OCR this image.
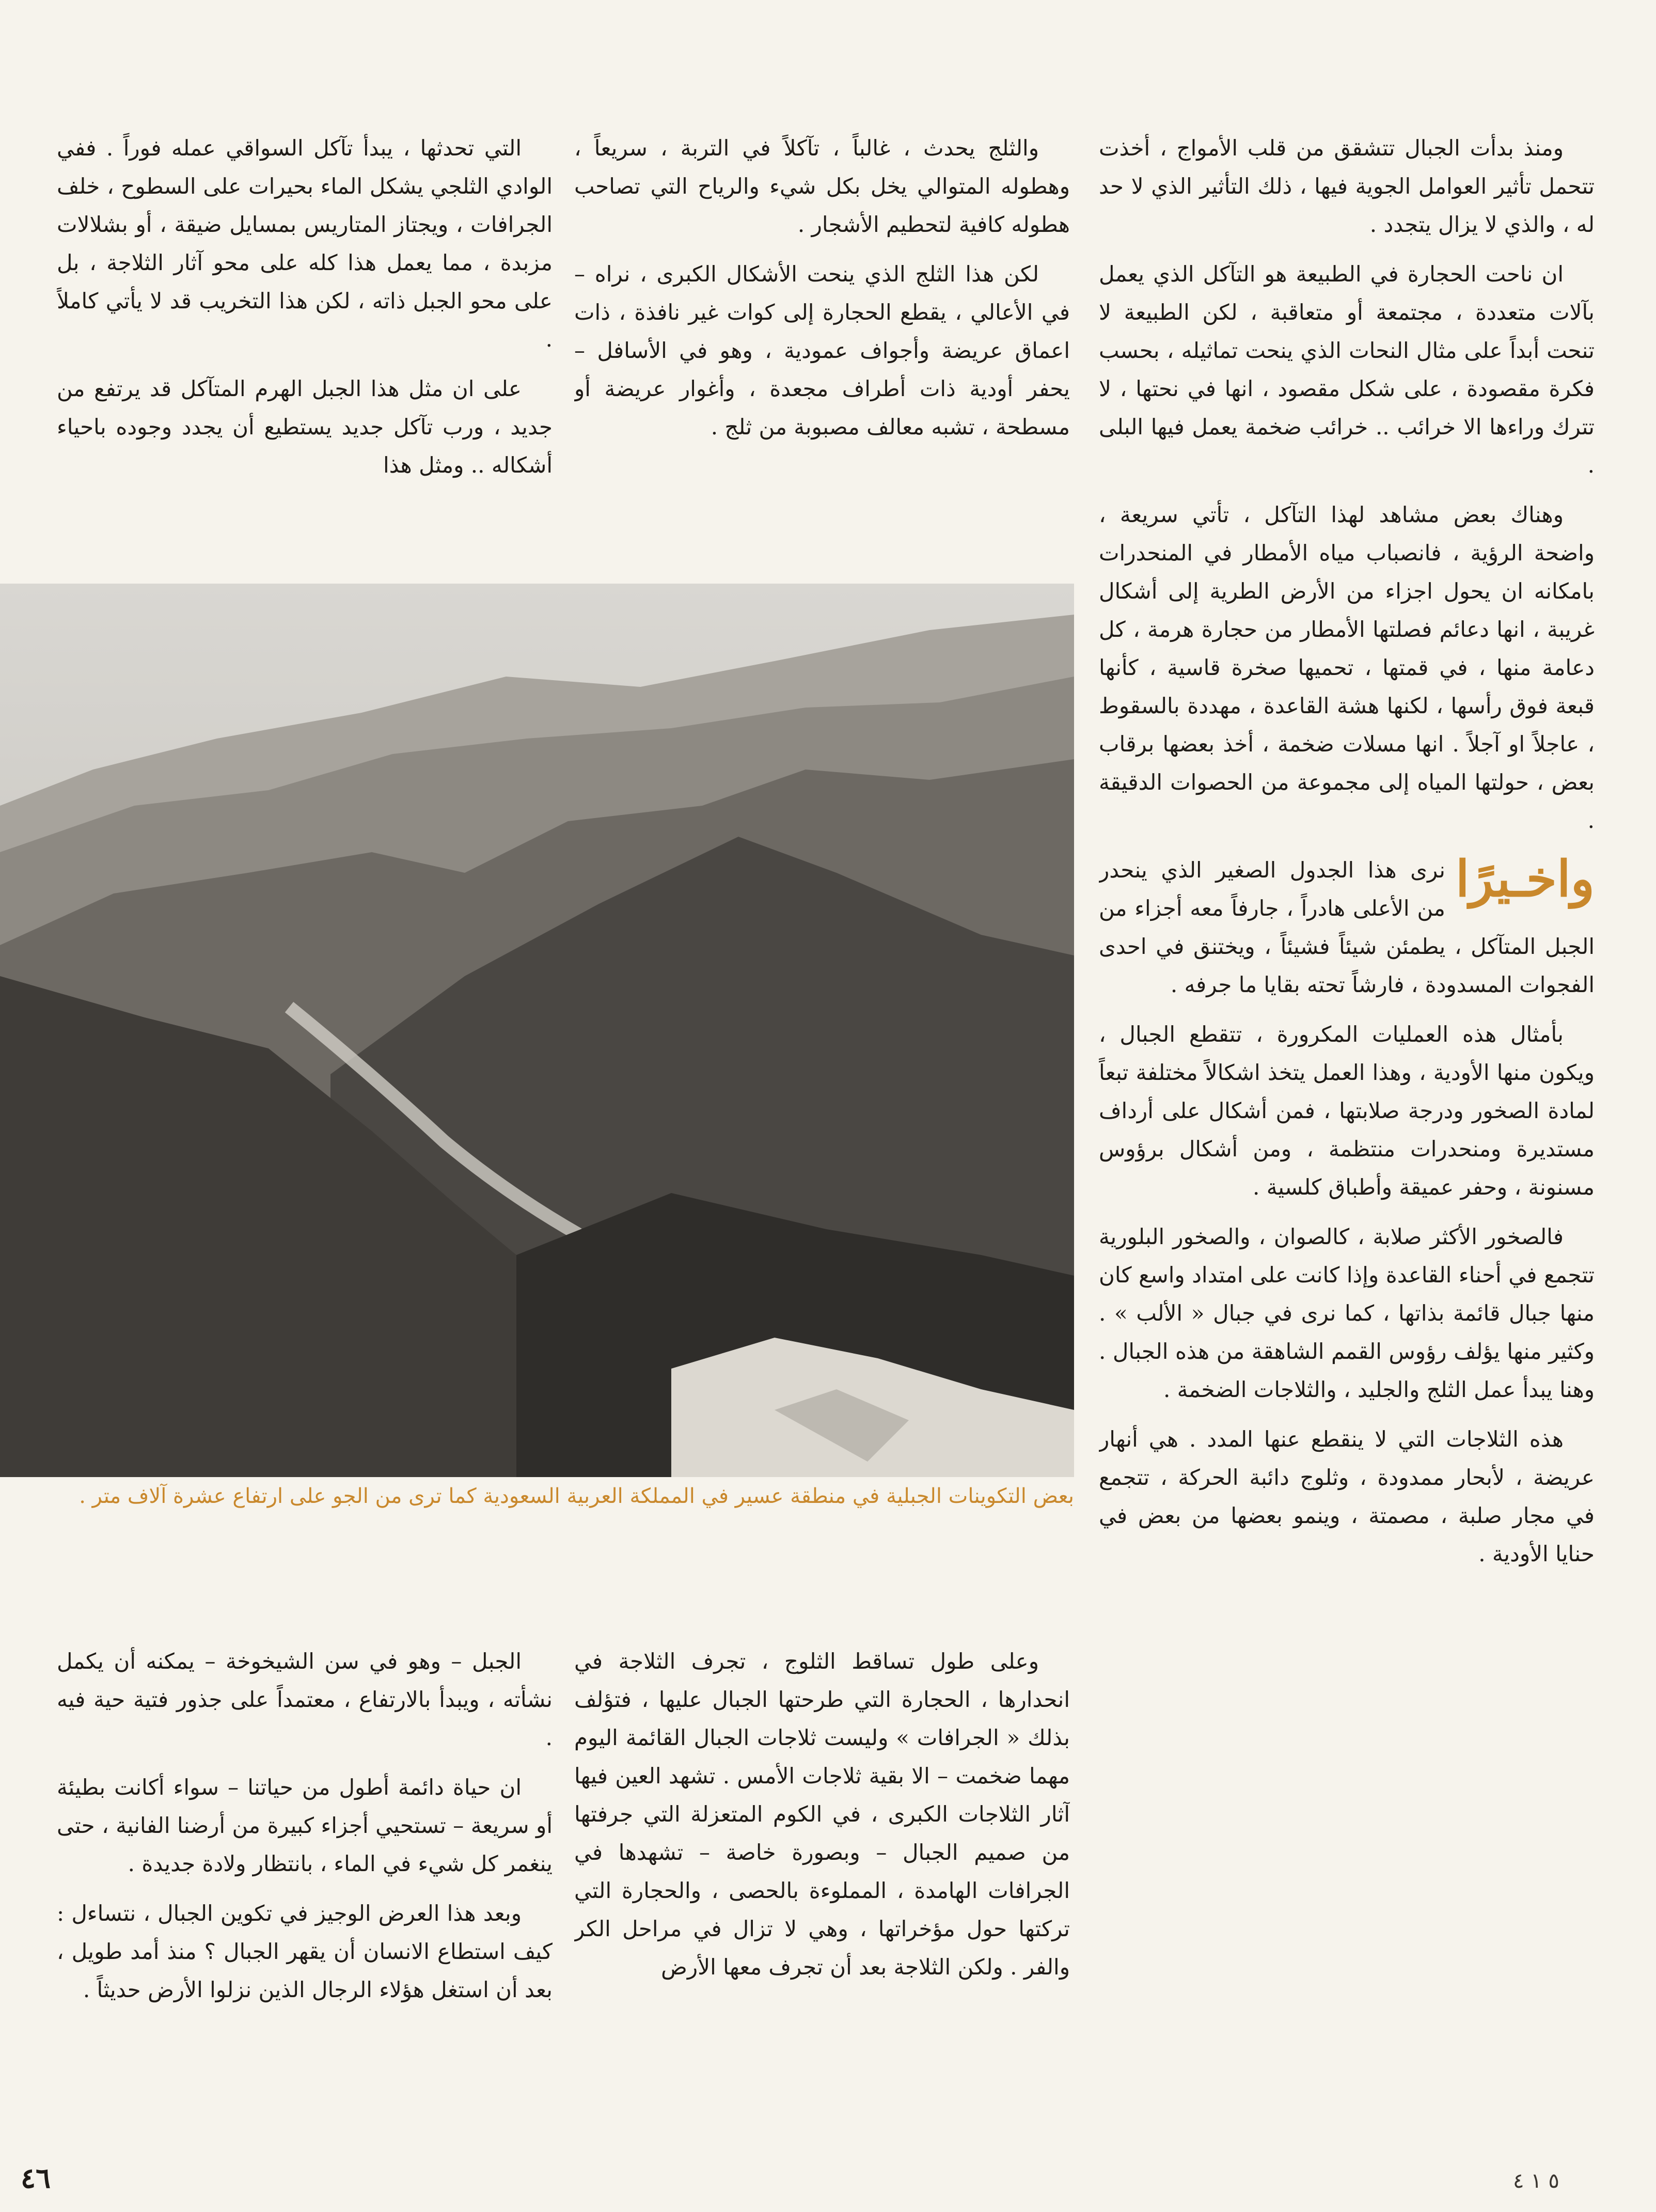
ومنذ بدأت الجبال تتشقق من قلب الأمواج ، أخذت تتحمل تأثير العوامل الجوية فيها ، ذلك التأثير الذي لا حد له ، والذي لا يزال يتجدد .

ان ناحت الحجارة في الطبيعة هو التآكل الذي يعمل بآلات متعددة ، مجتمعة أو متعاقبة ، لكن الطبيعة لا تنحت أبداً على مثال النحات الذي ينحت تماثيله ، بحسب فكرة مقصودة ، على شكل مقصود ، انها في نحتها ، لا تترك وراءها الا خرائب .. خرائب ضخمة يعمل فيها البلى .

وهناك بعض مشاهد لهذا التآكل ، تأتي سريعة ، واضحة الرؤية ، فانصباب مياه الأمطار في المنحدرات بامكانه ان يحول اجزاء من الأرض الطرية إلى أشكال غريبة ، انها دعائم فصلتها الأمطار من حجارة هرمة ، كل دعامة منها ، في قمتها ، تحميها صخرة قاسية ، كأنها قبعة فوق رأسها ، لكنها هشة القاعدة ، مهددة بالسقوط ، عاجلاً او آجلاً . انها مسلات ضخمة ، أخذ بعضها برقاب بعض ، حولتها المياه إلى مجموعة من الحصوات الدقيقة .

واخـيرًا
نرى هذا الجدول الصغير الذي ينحدر من الأعلى هادراً ، جارفاً معه أجزاء من الجبل المتآكل ، يطمئن شيئاً فشيئاً ، ويختنق في احدى الفجوات المسدودة ، فارشاً تحته بقايا ما جرفه .

بأمثال هذه العمليات المكرورة ، تتقطع الجبال ، ويكون منها الأودية ، وهذا العمل يتخذ اشكالاً مختلفة تبعاً لمادة الصخور ودرجة صلابتها ، فمن أشكال على أرداف مستديرة ومنحدرات منتظمة ، ومن أشكال برؤوس مسنونة ، وحفر عميقة وأطباق كلسية .

فالصخور الأكثر صلابة ، كالصوان ، والصخور البلورية تتجمع في أحناء القاعدة وإذا كانت على امتداد واسع كان منها جبال قائمة بذاتها ، كما نرى في جبال « الألب » . وكثير منها يؤلف رؤوس القمم الشاهقة من هذه الجبال . وهنا يبدأ عمل الثلج والجليد ، والثلاجات الضخمة .

هذه الثلاجات التي لا ينقطع عنها المدد . هي أنهار عريضة ، لأبحار ممدودة ، وثلوج دائبة الحركة ، تتجمع في مجار صلبة ، مصمتة ، وينمو بعضها من بعض في حنايا الأودية .

والثلج يحدث ، غالباً ، تآكلاً في التربة ، سريعاً ، وهطوله المتوالي يخل بكل شيء والرياح التي تصاحب هطوله كافية لتحطيم الأشجار .

لكن هذا الثلج الذي ينحت الأشكال الكبرى ، نراه – في الأعالي ، يقطع الحجارة إلى كوات غير نافذة ، ذات اعماق عريضة وأجواف عمودية ، وهو في الأسافل – يحفر أودية ذات أطراف مجعدة ، وأغوار عريضة أو مسطحة ، تشبه معالف مصبوبة من ثلج .

التي تحدثها ، يبدأ تآكل السواقي عمله فوراً . ففي الوادي الثلجي يشكل الماء بحيرات على السطوح ، خلف الجرافات ، ويجتاز المتاريس بمسايل ضيقة ، أو بشلالات مزبدة ، مما يعمل هذا كله على محو آثار الثلاجة ، بل على محو الجبل ذاته ، لكن هذا التخريب قد لا يأتي كاملاً .

على ان مثل هذا الجبل الهرم المتآكل قد يرتفع من جديد ، ورب تآكل جديد يستطيع أن يجدد وجوده باحياء أشكاله .. ومثل هذا

بعض التكوينات الجبلية في منطقة عسير في المملكة العربية السعودية كما ترى من الجو على ارتفاع عشرة آلاف متر .

وعلى طول تساقط الثلوج ، تجرف الثلاجة في انحدارها ، الحجارة التي طرحتها الجبال عليها ، فتؤلف بذلك « الجرافات » وليست ثلاجات الجبال القائمة اليوم مهما ضخمت – الا بقية ثلاجات الأمس . تشهد العين فيها آثار الثلاجات الكبرى ، في الكوم المتعزلة التي جرفتها من صميم الجبال – وبصورة خاصة – تشهدها في الجرافات الهامدة ، المملوءة بالحصى ، والحجارة التي تركتها حول مؤخراتها ، وهي لا تزال في مراحل الكر والفر . ولكن الثلاجة بعد أن تجرف معها الأرض

الجبل – وهو في سن الشيخوخة – يمكنه أن يكمل نشأته ، ويبدأ بالارتفاع ، معتمداً على جذور فتية حية فيه .

ان حياة دائمة أطول من حياتنا – سواء أكانت بطيئة أو سريعة – تستحيي أجزاء كبيرة من أرضنا الفانية ، حتى ينغمر كل شيء في الماء ، بانتظار ولادة جديدة .

وبعد هذا العرض الوجيز في تكوين الجبال ، نتساءل : كيف استطاع الانسان أن يقهر الجبال ؟ منذ أمد طويل ، بعد أن استغل هؤلاء الرجال الذين نزلوا الأرض حديثاً .

٤٦	٥ ١ ٤
